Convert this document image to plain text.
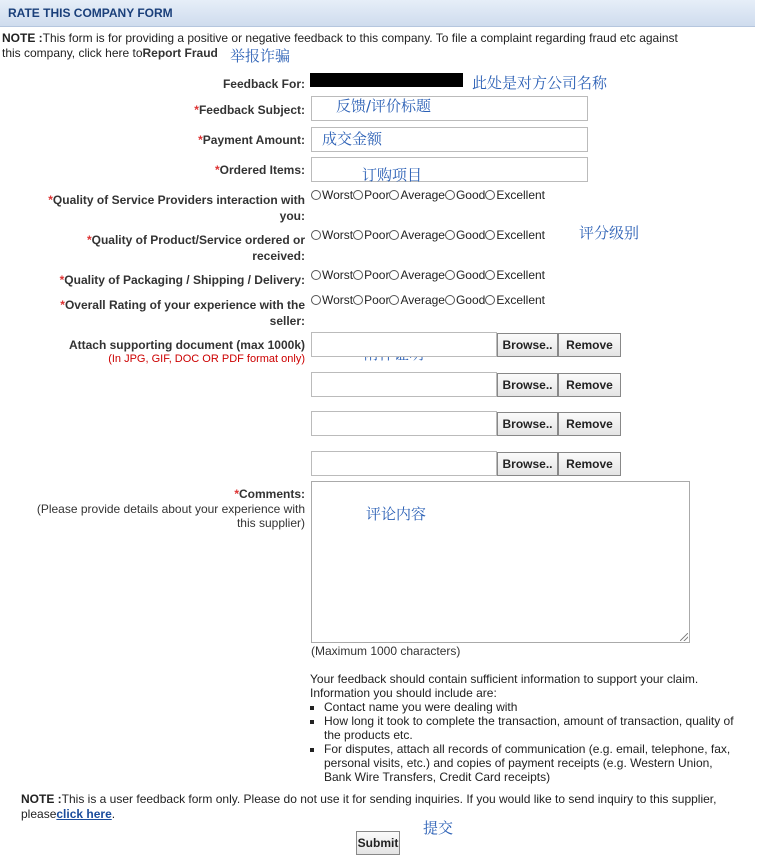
RATE THIS COMPANY FORM
NOTE :This form is for providing a positive or negative feedback to this company. To file a complaint regarding fraud etc against this company, click here toReport Fraud 举报诈骗
Feedback For:	此处是对方公司名称
*Feedback Subject: 反馈/评价标题
*Payment Amount: 成交金额
*Ordered Items:	订购项目
*Quality of Service Providers interaction with
you:
Worst Poor Average Good Excellent
*Quality of Product/Service ordered or
received:
Worst Poor Average Good Excellent 评分级别
*Quality of Packaging / Shipping / Delivery: Worst Poor Average Good Excellent
*Overall Rating of your experience with the
seller:
Worst Poor Average Good Excellent
Attach supporting document (max 1000k)
(In JPG, GIF, DOC OR PDF format only)
Browse..	Remove
Browse..	Remove
Browse..	Remove
Browse..	Remove
*Comments:
(Please provide details about your experience with
this supplier)	评论内容
(Maximum 1000 characters)
Your feedback should contain sufficient information to support your claim. Information you should include are:
▪ Contact name you were dealing with
▪ How long it took to complete the transaction, amount of transaction, quality of the products etc.
▪ For disputes, attach all records of communication (e.g. email, telephone, fax, personal visits, etc.) and copies of payment receipts (e.g. Western Union, Bank Wire Transfers, Credit Card receipts)
NOTE :This is a user feedback form only. Please do not use it for sending inquiries. If you would like to send inquiry to this supplier, pleaseclick here.
Submit
提交
